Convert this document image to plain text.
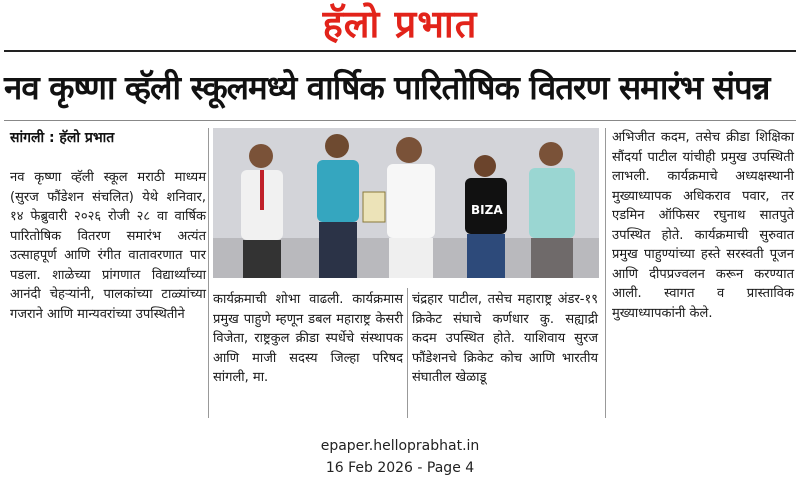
हॅलो प्रभात
नव कृष्णा व्हॅली स्कूलमध्ये वार्षिक पारितोषिक वितरण समारंभ संपन्न
सांगली : हॅलो प्रभात
नव कृष्णा व्हॅली स्कूल मराठी माध्यम (सुरज फौंडेशन संचलित) येथे शनिवार, १४ फेब्रुवारी २०२६ रोजी २८ वा वार्षिक पारितोषिक वितरण समारंभ अत्यंत उत्साहपूर्ण आणि रंगीत वातावरणात पार पडला. शाळेच्या प्रांगणात विद्यार्थ्यांच्या आनंदी चेहऱ्यांनी, पालकांच्या टाळ्यांच्या गजराने आणि मान्यवरांच्या उपस्थितीने
BIZA
कार्यक्रमाची शोभा वाढली. कार्यक्रमास प्रमुख पाहुणे म्हणून डबल महाराष्ट्र केसरी विजेता, राष्ट्रकुल क्रीडा स्पर्धेचे संस्थापक आणि माजी सदस्य जिल्हा परिषद सांगली, मा.
चंद्रहार पाटील, तसेच महाराष्ट्र अंडर-१९ क्रिकेट संघाचे कर्णधार कु. सह्याद्री कदम उपस्थित होते. याशिवाय सुरज फौंडेशनचे क्रिकेट कोच आणि भारतीय संघातील खेळाडू
अभिजीत कदम, तसेच क्रीडा शिक्षिका सौंदर्या पाटील यांचीही प्रमुख उपस्थिती लाभली. कार्यक्रमाचे अध्यक्षस्थानी मुख्याध्यापक अधिकराव पवार, तर एडमिन ऑफिसर रघुनाथ सातपुते उपस्थित होते. कार्यक्रमाची सुरुवात प्रमुख पाहुण्यांच्या हस्ते सरस्वती पूजन आणि दीपप्रज्वलन करून करण्यात आली. स्वागत व प्रास्ताविक मुख्याध्यापकांनी केले.
epaper.helloprabhat.in
16 Feb 2026 - Page 4
